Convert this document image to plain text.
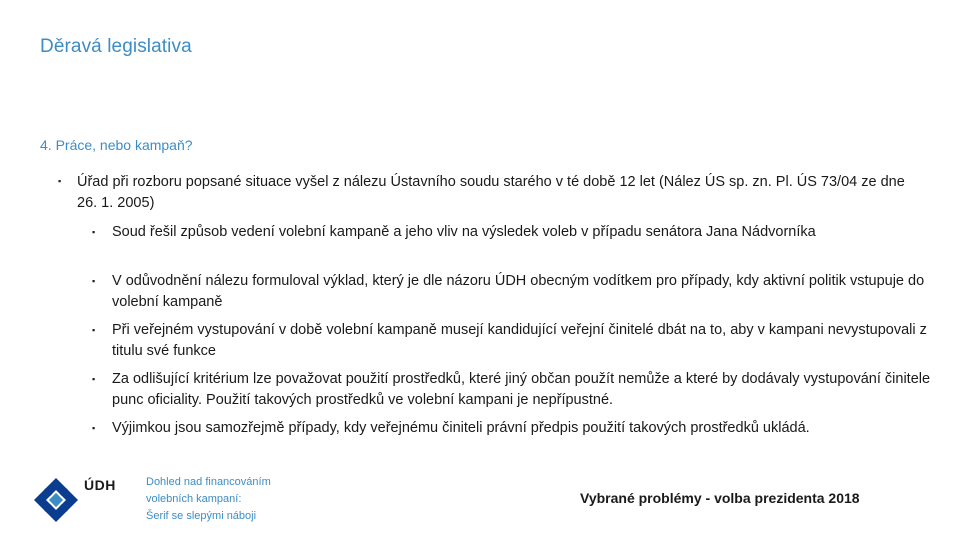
Děravá legislativa
4. Práce, nebo kampaň?
▪	Úřad při rozboru popsané situace vyšel z nálezu Ústavního soudu starého v té době 12 let (Nález ÚS sp. zn. Pl. ÚS 73/04 ze dne 26. 1. 2005)
▪	Soud řešil způsob vedení volební kampaně a jeho vliv na výsledek voleb v případu senátora Jana Nádvorníka
▪	V odůvodnění nálezu formuloval výklad, který je dle názoru ÚDH obecným vodítkem pro případy, kdy aktivní politik vstupuje do volební kampaně
▪	Při veřejném vystupování v době volební kampaně musejí kandidující veřejní činitelé dbát na to, aby v kampani nevystupovali z titulu své funkce
▪	Za odlišující kritérium lze považovat použití prostředků, které jiný občan použít nemůže a které by dodávaly vystupování činitele punc oficiality. Použití takových prostředků ve volební kampani je nepřípustné.
▪	Výjimkou jsou samozřejmě případy, kdy veřejnému činiteli právní předpis použití takových prostředků ukládá.
ÚDH	Dohled nad financováním
volebních kampaní:
Šerif se slepými náboji
Vybrané problémy - volba prezidenta 2018
